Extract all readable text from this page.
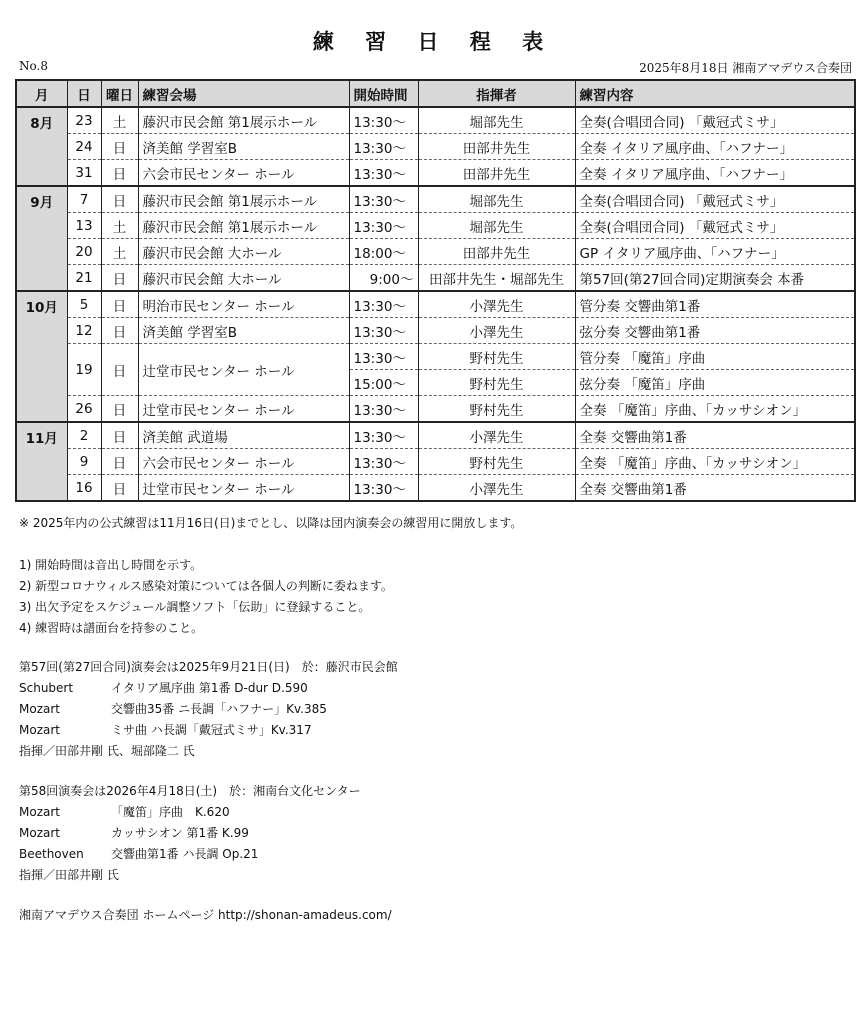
練 習 日 程 表
No.8	2025年8月18日 湘南アマデウス合奏団
月	日	曜日	練習会場	開始時間	指揮者	練習内容
8月	23	土	藤沢市民会館 第1展示ホール	13:30〜	堀部先生	全奏(合唱団合同) 「戴冠式ミサ」
	24	日	済美館 学習室B	13:30〜	田部井先生	全奏 イタリア風序曲、「ハフナー」
	31	日	六会市民センター ホール	13:30〜	田部井先生	全奏 イタリア風序曲、「ハフナー」
9月	7	日	藤沢市民会館 第1展示ホール	13:30〜	堀部先生	全奏(合唱団合同) 「戴冠式ミサ」
	13	土	藤沢市民会館 第1展示ホール	13:30〜	堀部先生	全奏(合唱団合同) 「戴冠式ミサ」
	20	土	藤沢市民会館 大ホール	18:00〜	田部井先生	GP イタリア風序曲、「ハフナー」
	21	日	藤沢市民会館 大ホール	9:00〜	田部井先生・堀部先生	第57回(第27回合同)定期演奏会 本番
10月	5	日	明治市民センター ホール	13:30〜	小澤先生	管分奏 交響曲第1番
	12	日	済美館 学習室B	13:30〜	小澤先生	弦分奏 交響曲第1番
	19	日	辻堂市民センター ホール	13:30〜	野村先生	管分奏 「魔笛」序曲
				15:00〜	野村先生	弦分奏 「魔笛」序曲
	26	日	辻堂市民センター ホール	13:30〜	野村先生	全奏 「魔笛」序曲、「カッサシオン」
11月	2	日	済美館 武道場	13:30〜	小澤先生	全奏 交響曲第1番
	9	日	六会市民センター ホール	13:30〜	野村先生	全奏 「魔笛」序曲、「カッサシオン」
	16	日	辻堂市民センター ホール	13:30〜	小澤先生	全奏 交響曲第1番
※ 2025年内の公式練習は11月16日(日)までとし、以降は団内演奏会の練習用に開放します。
1) 開始時間は音出し時間を示す。
2) 新型コロナウィルス感染対策については各個人の判断に委ねます。
3) 出欠予定をスケジュール調整ソフト「伝助」に登録すること。
4) 練習時は譜面台を持参のこと。
第57回(第27回合同)演奏会は2025年9月21日(日)　於：藤沢市民会館
Schubert	イタリア風序曲 第1番 D-dur D.590
Mozart	交響曲35番 ニ長調「ハフナー」Kv.385
Mozart	ミサ曲 ハ長調「戴冠式ミサ」Kv.317
指揮／田部井剛 氏、堀部隆二 氏
第58回演奏会は2026年4月18日(土)　於：湘南台文化センター
Mozart	「魔笛」序曲　K.620
Mozart	カッサシオン 第1番 K.99
Beethoven	交響曲第1番 ハ長調 Op.21
指揮／田部井剛 氏
湘南アマデウス合奏団 ホームページ http://shonan-amadeus.com/
